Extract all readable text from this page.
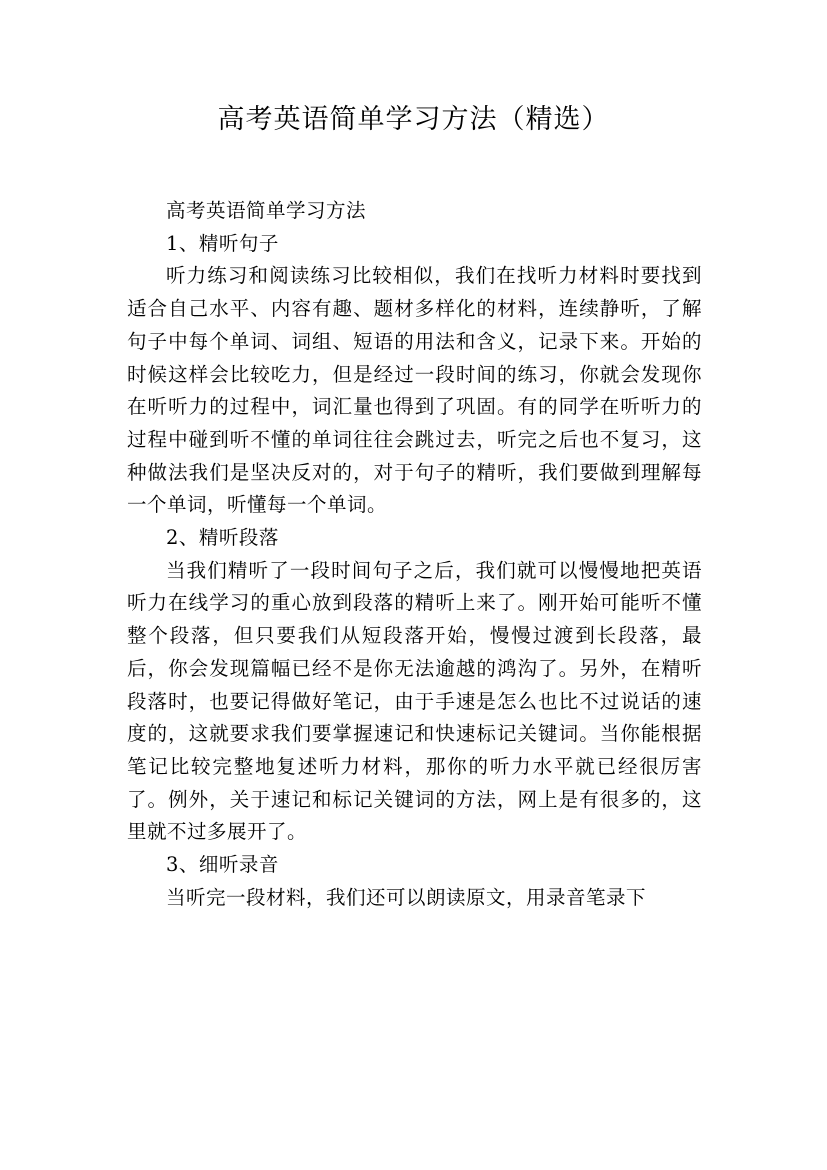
高考英语简单学习方法（精选）

高考英语简单学习方法

1、精听句子

听力练习和阅读练习比较相似，我们在找听力材料时要找到适合自己水平、内容有趣、题材多样化的材料，连续静听，了解句子中每个单词、词组、短语的用法和含义，记录下来。开始的时候这样会比较吃力，但是经过一段时间的练习，你就会发现你在听听力的过程中，词汇量也得到了巩固。有的同学在听听力的过程中碰到听不懂的单词往往会跳过去，听完之后也不复习，这种做法我们是坚决反对的，对于句子的精听，我们要做到理解每一个单词，听懂每一个单词。

2、精听段落

当我们精听了一段时间句子之后，我们就可以慢慢地把英语听力在线学习的重心放到段落的精听上来了。刚开始可能听不懂整个段落，但只要我们从短段落开始，慢慢过渡到长段落，最后，你会发现篇幅已经不是你无法逾越的鸿沟了。另外，在精听段落时，也要记得做好笔记，由于手速是怎么也比不过说话的速度的，这就要求我们要掌握速记和快速标记关键词。当你能根据笔记比较完整地复述听力材料，那你的听力水平就已经很厉害了。例外，关于速记和标记关键词的方法，网上是有很多的，这里就不过多展开了。

3、细听录音

当听完一段材料，我们还可以朗读原文，用录音笔录下
